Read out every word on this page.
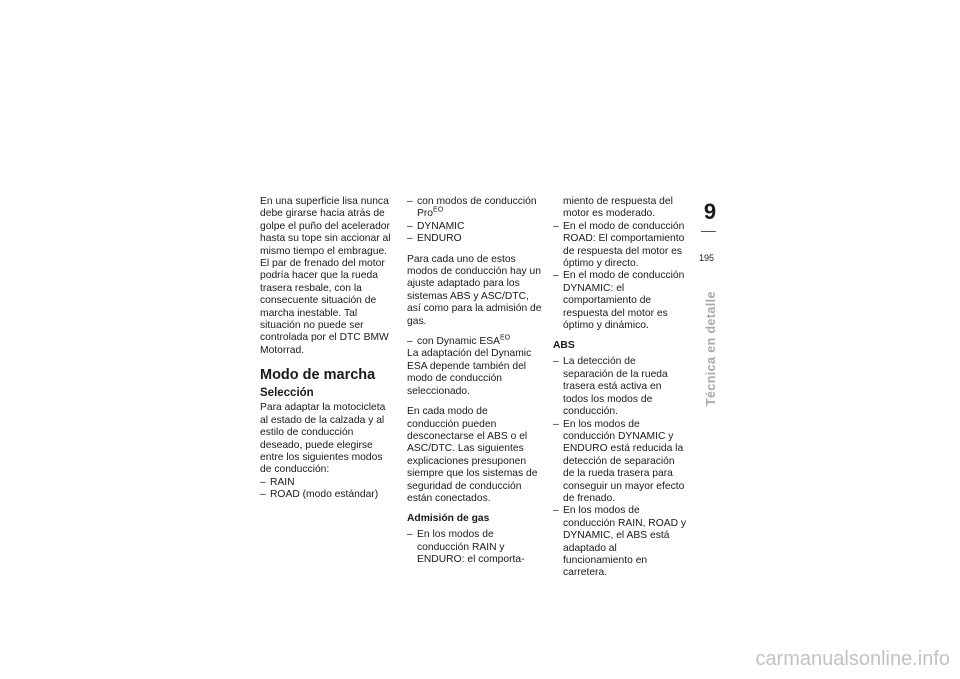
En una superficie lisa nunca debe girarse hacia atrás de golpe el puño del acelerador hasta su tope sin accionar al mismo tiempo el embrague. El par de frenado del motor podría hacer que la rueda trasera resbale, con la consecuente situación de marcha inestable. Tal situación no puede ser controlada por el DTC BMW Motorrad.

Modo de marcha
Selección

Para adaptar la motocicleta al estado de la calzada y al estilo de conducción deseado, puede elegirse entre los siguientes modos de conducción:

– RAIN
– ROAD (modo estándar)
– con modos de conducción Pro$^{EO}$
– DYNAMIC
– ENDURO

Para cada uno de estos modos de conducción hay un ajuste adaptado para los sistemas ABS y ASC/DTC, así como para la admisión de gas.

– con Dynamic $ESA^{EO}$

La adaptación del Dynamic ESA depende también del modo de conducción seleccionado.

En cada modo de conducción pueden desconectarse el ABS o el ASC/DTC. Las siguientes explicaciones presuponen siempre que los sistemas de seguridad de conducción están conectados.

Admisión de gas
– En los modos de conducción RAIN y ENDURO: el comporta-

miento de respuesta del motor es moderado.

– En el modo de conducción ROAD: El comportamiento de respuesta del motor es óptimo y directo.
– En el modo de conducción DYNAMIC: el comportamiento de respuesta del motor es óptimo y dinámico.
ABS
– La detección de separación de la rueda trasera está activa en todos los modos de conducción.
– En los modos de conducción DYNAMIC y ENDURO está reducida la detección de separación de la rueda trasera para conseguir un mayor efecto de frenado.
– En los modos de conducción RAIN, ROAD y DYNAMIC, el ABS está adaptado al funcionamiento en carretera.
9
195
Técnica en detalle
carmanualsonline.info
